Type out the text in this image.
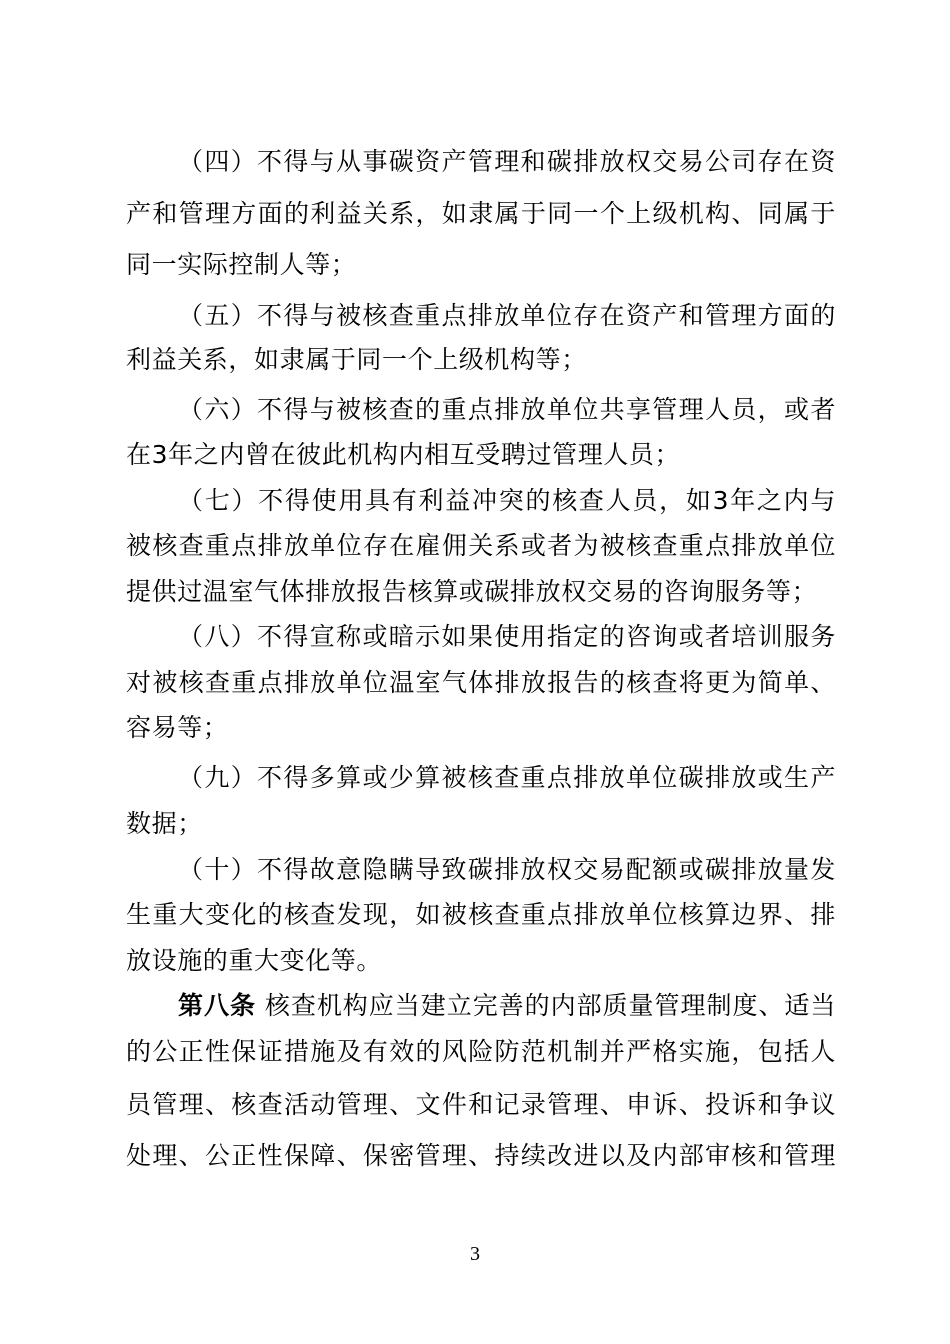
（四）不得与从事碳资产管理和碳排放权交易公司存在资
产和管理方面的利益关系，如隶属于同一个上级机构、同属于
同一实际控制人等；
（五）不得与被核查重点排放单位存在资产和管理方面的
利益关系，如隶属于同一个上级机构等；
（六）不得与被核查的重点排放单位共享管理人员，或者
在3年之内曾在彼此机构内相互受聘过管理人员；
（七）不得使用具有利益冲突的核查人员，如3年之内与
被核查重点排放单位存在雇佣关系或者为被核查重点排放单位
提供过温室气体排放报告核算或碳排放权交易的咨询服务等；
（八）不得宣称或暗示如果使用指定的咨询或者培训服务
对被核查重点排放单位温室气体排放报告的核查将更为简单、
容易等；
（九）不得多算或少算被核查重点排放单位碳排放或生产
数据；
（十）不得故意隐瞒导致碳排放权交易配额或碳排放量发
生重大变化的核查发现，如被核查重点排放单位核算边界、排
放设施的重大变化等。
第八条 核查机构应当建立完善的内部质量管理制度、适当
的公正性保证措施及有效的风险防范机制并严格实施，包括人
员管理、核查活动管理、文件和记录管理、申诉、投诉和争议
处理、公正性保障、保密管理、持续改进以及内部审核和管理
3
